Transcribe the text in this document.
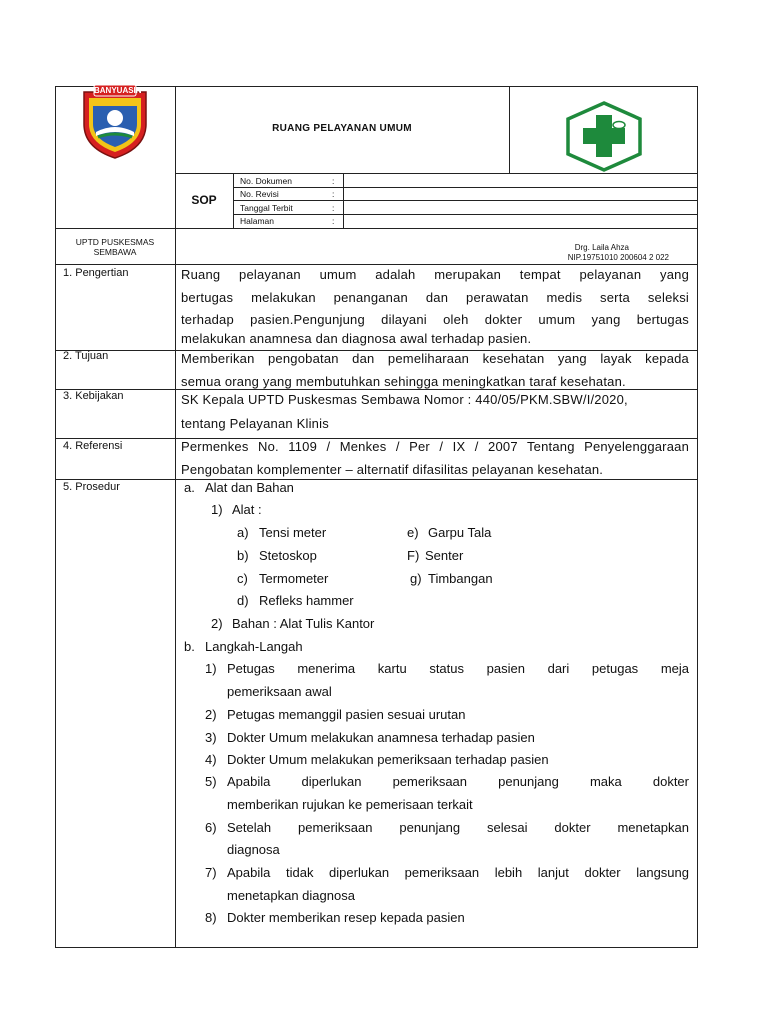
BANYUASIN
RUANG PELAYANAN UMUM
SOP
No. Dokumen	:
No. Revisi	:
Tanggal Terbit	:
Halaman	:
UPTD PUSKESMAS
SEMBAWA	Drg. Laila Ahza
NIP.19751010 200604 2 022
1. Pengertian	Ruang pelayanan umum adalah merupakan tempat pelayanan yang
bertugas melakukan penanganan dan perawatan medis serta seleksi
terhadap pasien.Pengunjung dilayani oleh dokter umum yang bertugas
melakukan anamnesa dan diagnosa awal terhadap pasien.
2. Tujuan	Memberikan pengobatan dan pemeliharaan kesehatan yang layak kepada
semua orang yang membutuhkan sehingga meningkatkan taraf kesehatan.
3. Kebijakan	SK Kepala UPTD Puskesmas Sembawa Nomor : 440/05/PKM.SBW/I/2020,
tentang Pelayanan Klinis
4. Referensi	Permenkes No. 1109 / Menkes / Per / IX / 2007 Tentang Penyelenggaraan
Pengobatan komplementer – alternatif difasilitas pelayanan kesehatan.
5. Prosedur	a. Alat dan Bahan
1) Alat :
a) Tensi meter
b) Stetoskop
c) Termometer
d) Refleks hammer
e) Garpu Tala
F) Senter
g) Timbangan
2) Bahan : Alat Tulis Kantor
b. Langkah-Langah
1) Petugas menerima kartu status pasien dari petugas meja
pemeriksaan awal
2) Petugas memanggil pasien sesuai urutan
3) Dokter Umum melakukan anamnesa terhadap pasien
4) Dokter Umum melakukan pemeriksaan terhadap pasien
5) Apabila diperlukan pemeriksaan penunjang maka dokter
memberikan rujukan ke pemerisaan terkait
6) Setelah pemeriksaan penunjang selesai dokter menetapkan
diagnosa
7) Apabila tidak diperlukan pemeriksaan lebih lanjut dokter langsung
menetapkan diagnosa
8) Dokter memberikan resep kepada pasien
